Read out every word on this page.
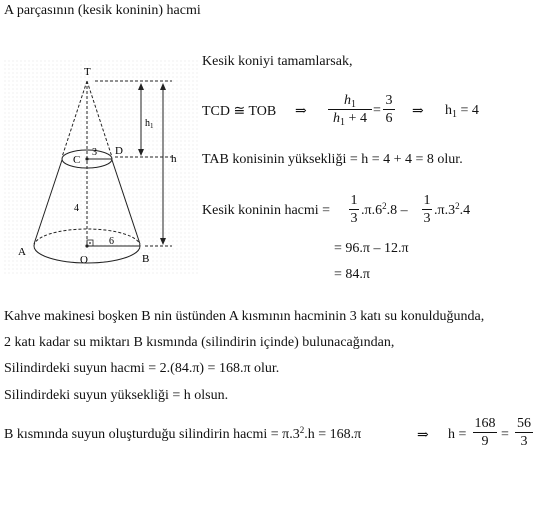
A parçasının (kesik koninin) hacmi
T
C
3 D
4
6
A
O	B
$h_1$
h
Kesik koniyi tamamlarsak,
TCD ≅ TOB ⇒
$h_1$
$h_1 + 4$
=
3
6 ⇒ $h_1 = 4$
TAB konisinin yüksekliği = h = 4 + 4 = 8 olur.
Kesik koninin hacmi =
1
3
$.\pi.6^2.8$ –
1
3
$.\pi.3^2.4$
= 96.π – 12.π
= 84.π
Kahve makinesi boşken B nin üstünden A kısmının hacminin 3 katı su konulduğunda,
2 katı kadar su miktarı B kısmında (silindirin içinde) bulunacağından,
Silindirdeki suyun hacmi = 2.(84.π) = 168.π olur.
Silindirdeki suyun yüksekliği = h olsun.
B kısmında suyun oluşturduğu silindirin hacmi = $\pi.3^2.h = 168.\pi$	⇒ h =
168
9 =
56
3
